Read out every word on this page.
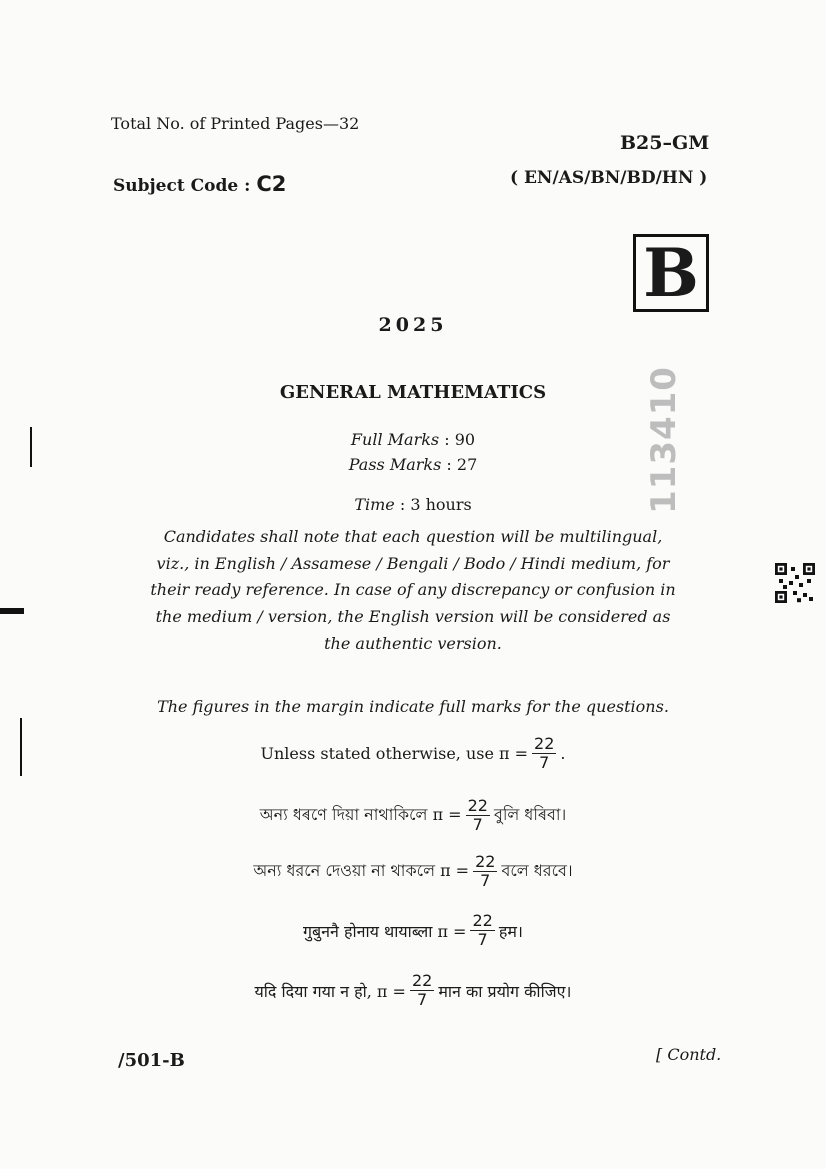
Total No. of Printed Pages—32
B25–GM
Subject Code : C2	( EN/AS/BN/BD/HN )
B
2025
113410
GENERAL MATHEMATICS
Full Marks : 90
Pass Marks : 27
Time : 3 hours
Candidates shall note that each question will be multilingual, viz., in English / Assamese / Bengali / Bodo / Hindi medium, for their ready reference. In case of any discrepancy or confusion in the medium / version, the English version will be considered as the authentic version.
The figures in the margin indicate full marks for the questions.
Unless stated otherwise, use $\pi = \frac{22}{7}$ .
অন্য ধৰণে দিয়া নাথাকিলে $\pi = \frac{22}{7}$ বুলি ধৰিবা।
অন্য ধরনে দেওয়া না থাকলে $\pi = \frac{22}{7}$ বলে ধরবে।
गुबुननै होनाय थायाब्ला $\pi = \frac{22}{7}$ हम।
यदि दिया गया न हो, $\pi = \frac{22}{7}$ मान का प्रयोग कीजिए।
/501-B	[ Contd.
